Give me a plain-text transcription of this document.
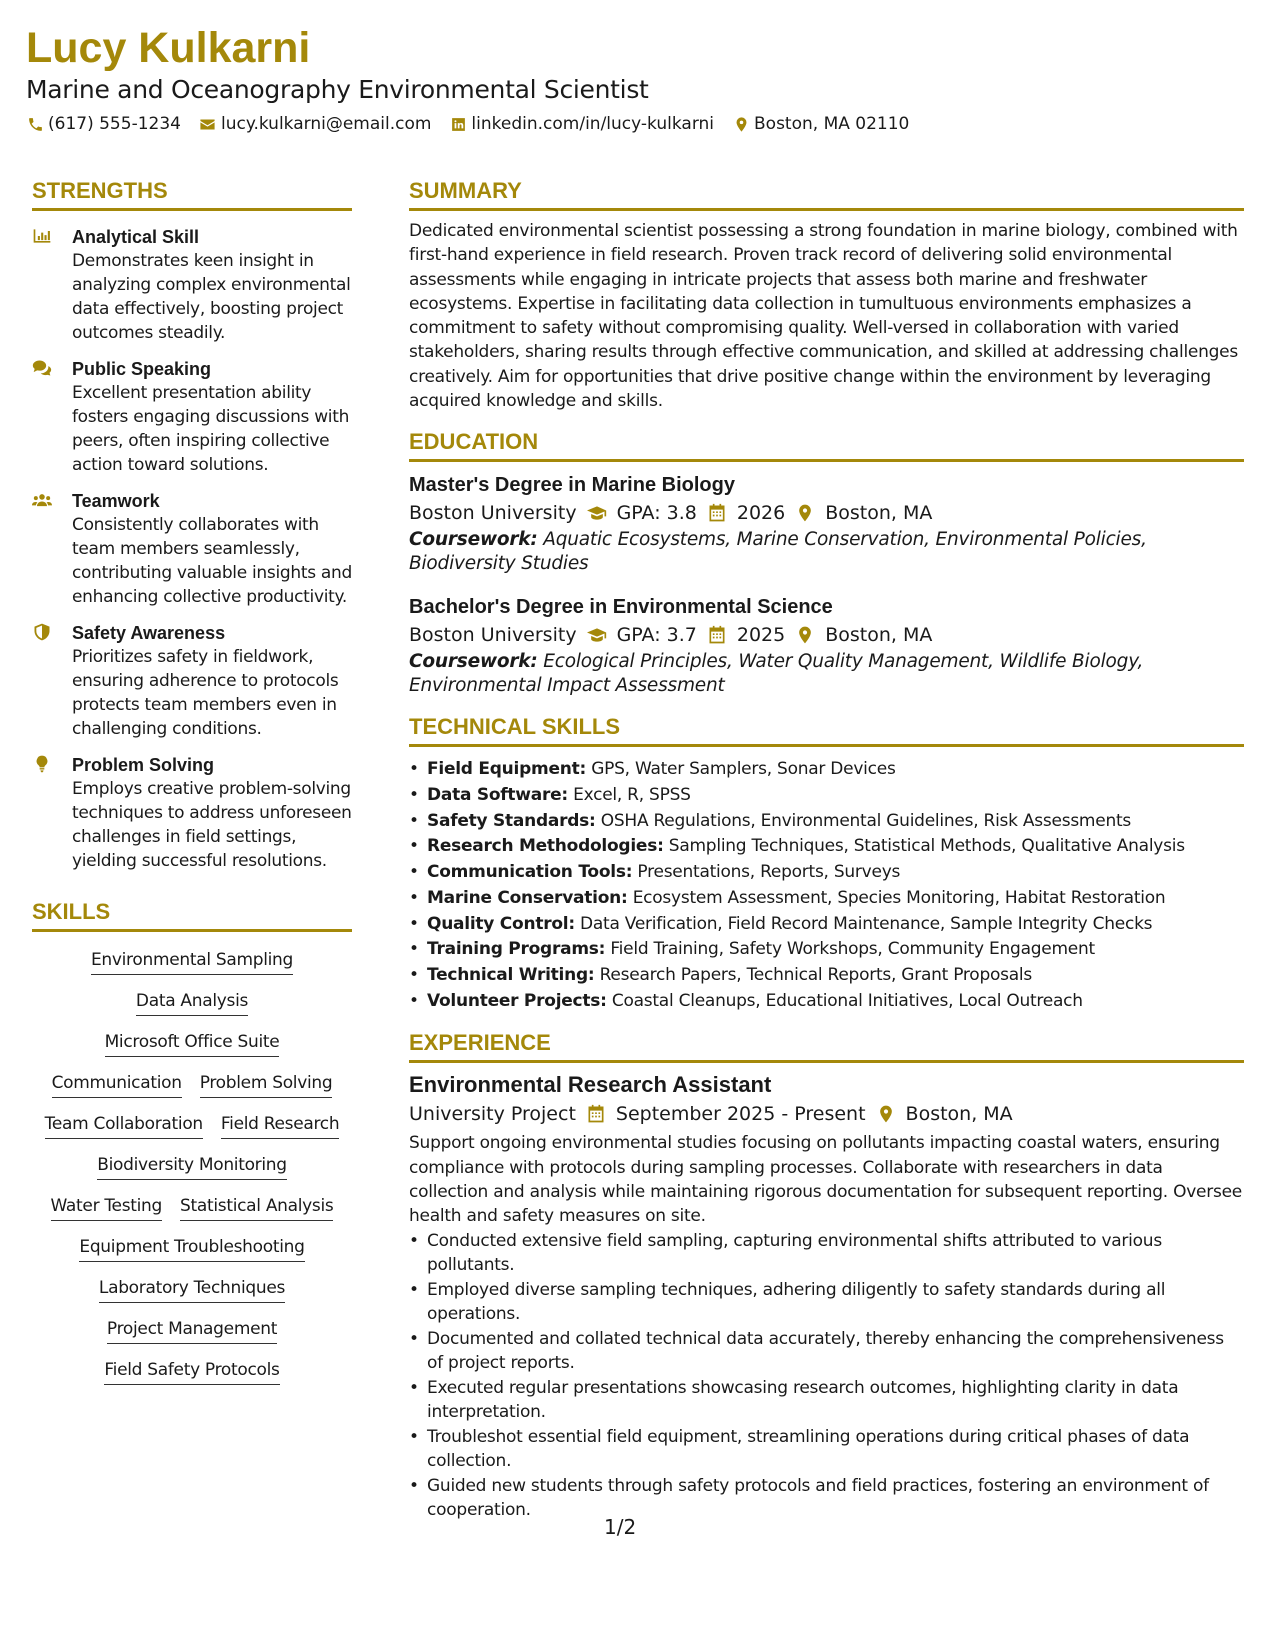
Lucy Kulkarni
Marine and Oceanography Environmental Scientist
(617) 555-1234 lucy.kulkarni@email.com linkedin.com/in/lucy-kulkarni Boston, MA 02110
STRENGTHS
Analytical Skill
Demonstrates keen insight in analyzing complex environmental data effectively, boosting project outcomes steadily.
Public Speaking
Excellent presentation ability fosters engaging discussions with peers, often inspiring collective action toward solutions.
Teamwork
Consistently collaborates with team members seamlessly, contributing valuable insights and enhancing collective productivity.
Safety Awareness
Prioritizes safety in fieldwork, ensuring adherence to protocols protects team members even in challenging conditions.
Problem Solving
Employs creative problem-solving techniques to address unforeseen challenges in field settings, yielding successful resolutions.
SKILLS
Environmental Sampling
Data Analysis
Microsoft Office Suite
Communication Problem Solving
Team Collaboration Field Research
Biodiversity Monitoring
Water Testing Statistical Analysis
Equipment Troubleshooting
Laboratory Techniques
Project Management
Field Safety Protocols
SUMMARY
Dedicated environmental scientist possessing a strong foundation in marine biology, combined with first-hand experience in field research. Proven track record of delivering solid environmental assessments while engaging in intricate projects that assess both marine and freshwater ecosystems. Expertise in facilitating data collection in tumultuous environments emphasizes a commitment to safety without compromising quality. Well-versed in collaboration with varied stakeholders, sharing results through effective communication, and skilled at addressing challenges creatively. Aim for opportunities that drive positive change within the environment by leveraging acquired knowledge and skills.
EDUCATION
Master's Degree in Marine Biology
Boston University GPA: 3.8 2026 Boston, MA
Coursework: Aquatic Ecosystems, Marine Conservation, Environmental Policies, Biodiversity Studies
Bachelor's Degree in Environmental Science
Boston University GPA: 3.7 2025 Boston, MA
Coursework: Ecological Principles, Water Quality Management, Wildlife Biology, Environmental Impact Assessment
TECHNICAL SKILLS
• Field Equipment: GPS, Water Samplers, Sonar Devices
• Data Software: Excel, R, SPSS
• Safety Standards: OSHA Regulations, Environmental Guidelines, Risk Assessments
• Research Methodologies: Sampling Techniques, Statistical Methods, Qualitative Analysis
• Communication Tools: Presentations, Reports, Surveys
• Marine Conservation: Ecosystem Assessment, Species Monitoring, Habitat Restoration
• Quality Control: Data Verification, Field Record Maintenance, Sample Integrity Checks
• Training Programs: Field Training, Safety Workshops, Community Engagement
• Technical Writing: Research Papers, Technical Reports, Grant Proposals
• Volunteer Projects: Coastal Cleanups, Educational Initiatives, Local Outreach
EXPERIENCE
Environmental Research Assistant
University Project September 2025 - Present Boston, MA
Support ongoing environmental studies focusing on pollutants impacting coastal waters, ensuring compliance with protocols during sampling processes. Collaborate with researchers in data collection and analysis while maintaining rigorous documentation for subsequent reporting. Oversee health and safety measures on site.
• Conducted extensive field sampling, capturing environmental shifts attributed to various pollutants.
• Employed diverse sampling techniques, adhering diligently to safety standards during all operations.
• Documented and collated technical data accurately, thereby enhancing the comprehensiveness of project reports.
• Executed regular presentations showcasing research outcomes, highlighting clarity in data interpretation.
• Troubleshot essential field equipment, streamlining operations during critical phases of data collection.
• Guided new students through safety protocols and field practices, fostering an environment of cooperation.
1/2
